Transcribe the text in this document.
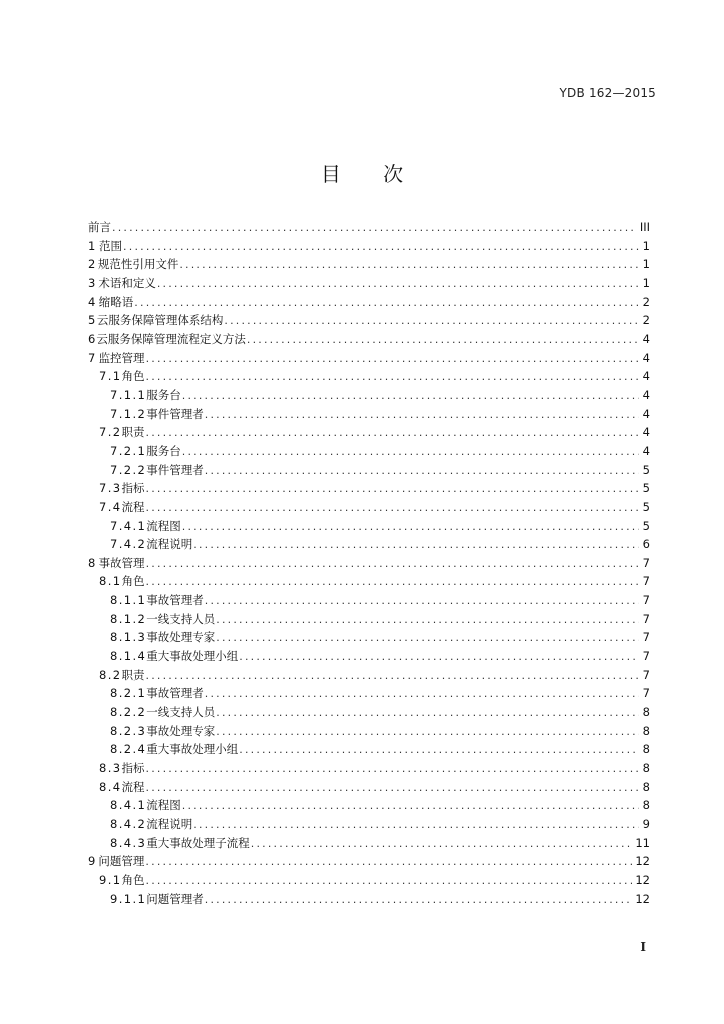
YDB 162—2015
目 次
前言 .....	III
1 范围 .....	1
2 规范性引用文件 .....	1
3 术语和定义 .....	1
4 缩略语 .....	2
5 云服务保障管理体系结构 .....	2
6 云服务保障管理流程定义方法 .....	4
7 监控管理 .....	4
7.1 角色 .....	4
7.1.1 服务台 .....	4
7.1.2 事件管理者 .....	4
7.2 职责 .....	4
7.2.1 服务台 .....	4
7.2.2 事件管理者 .....	5
7.3 指标 .....	5
7.4 流程 .....	5
7.4.1 流程图 .....	5
7.4.2 流程说明 .....	6
8 事故管理 .....	7
8.1 角色 .....	7
8.1.1 事故管理者 .....	7
8.1.2 一线支持人员 .....	7
8.1.3 事故处理专家 .....	7
8.1.4 重大事故处理小组 .....	7
8.2 职责 .....	7
8.2.1 事故管理者 .....	7
8.2.2 一线支持人员 .....	8
8.2.3 事故处理专家 .....	8
8.2.4 重大事故处理小组 .....	8
8.3 指标 .....	8
8.4 流程 .....	8
8.4.1 流程图 .....	8
8.4.2 流程说明 .....	9
8.4.3 重大事故处理子流程 .....	11
9 问题管理 .....	12
9.1 角色 .....	12
9.1.1 问题管理者 .....	12
I
